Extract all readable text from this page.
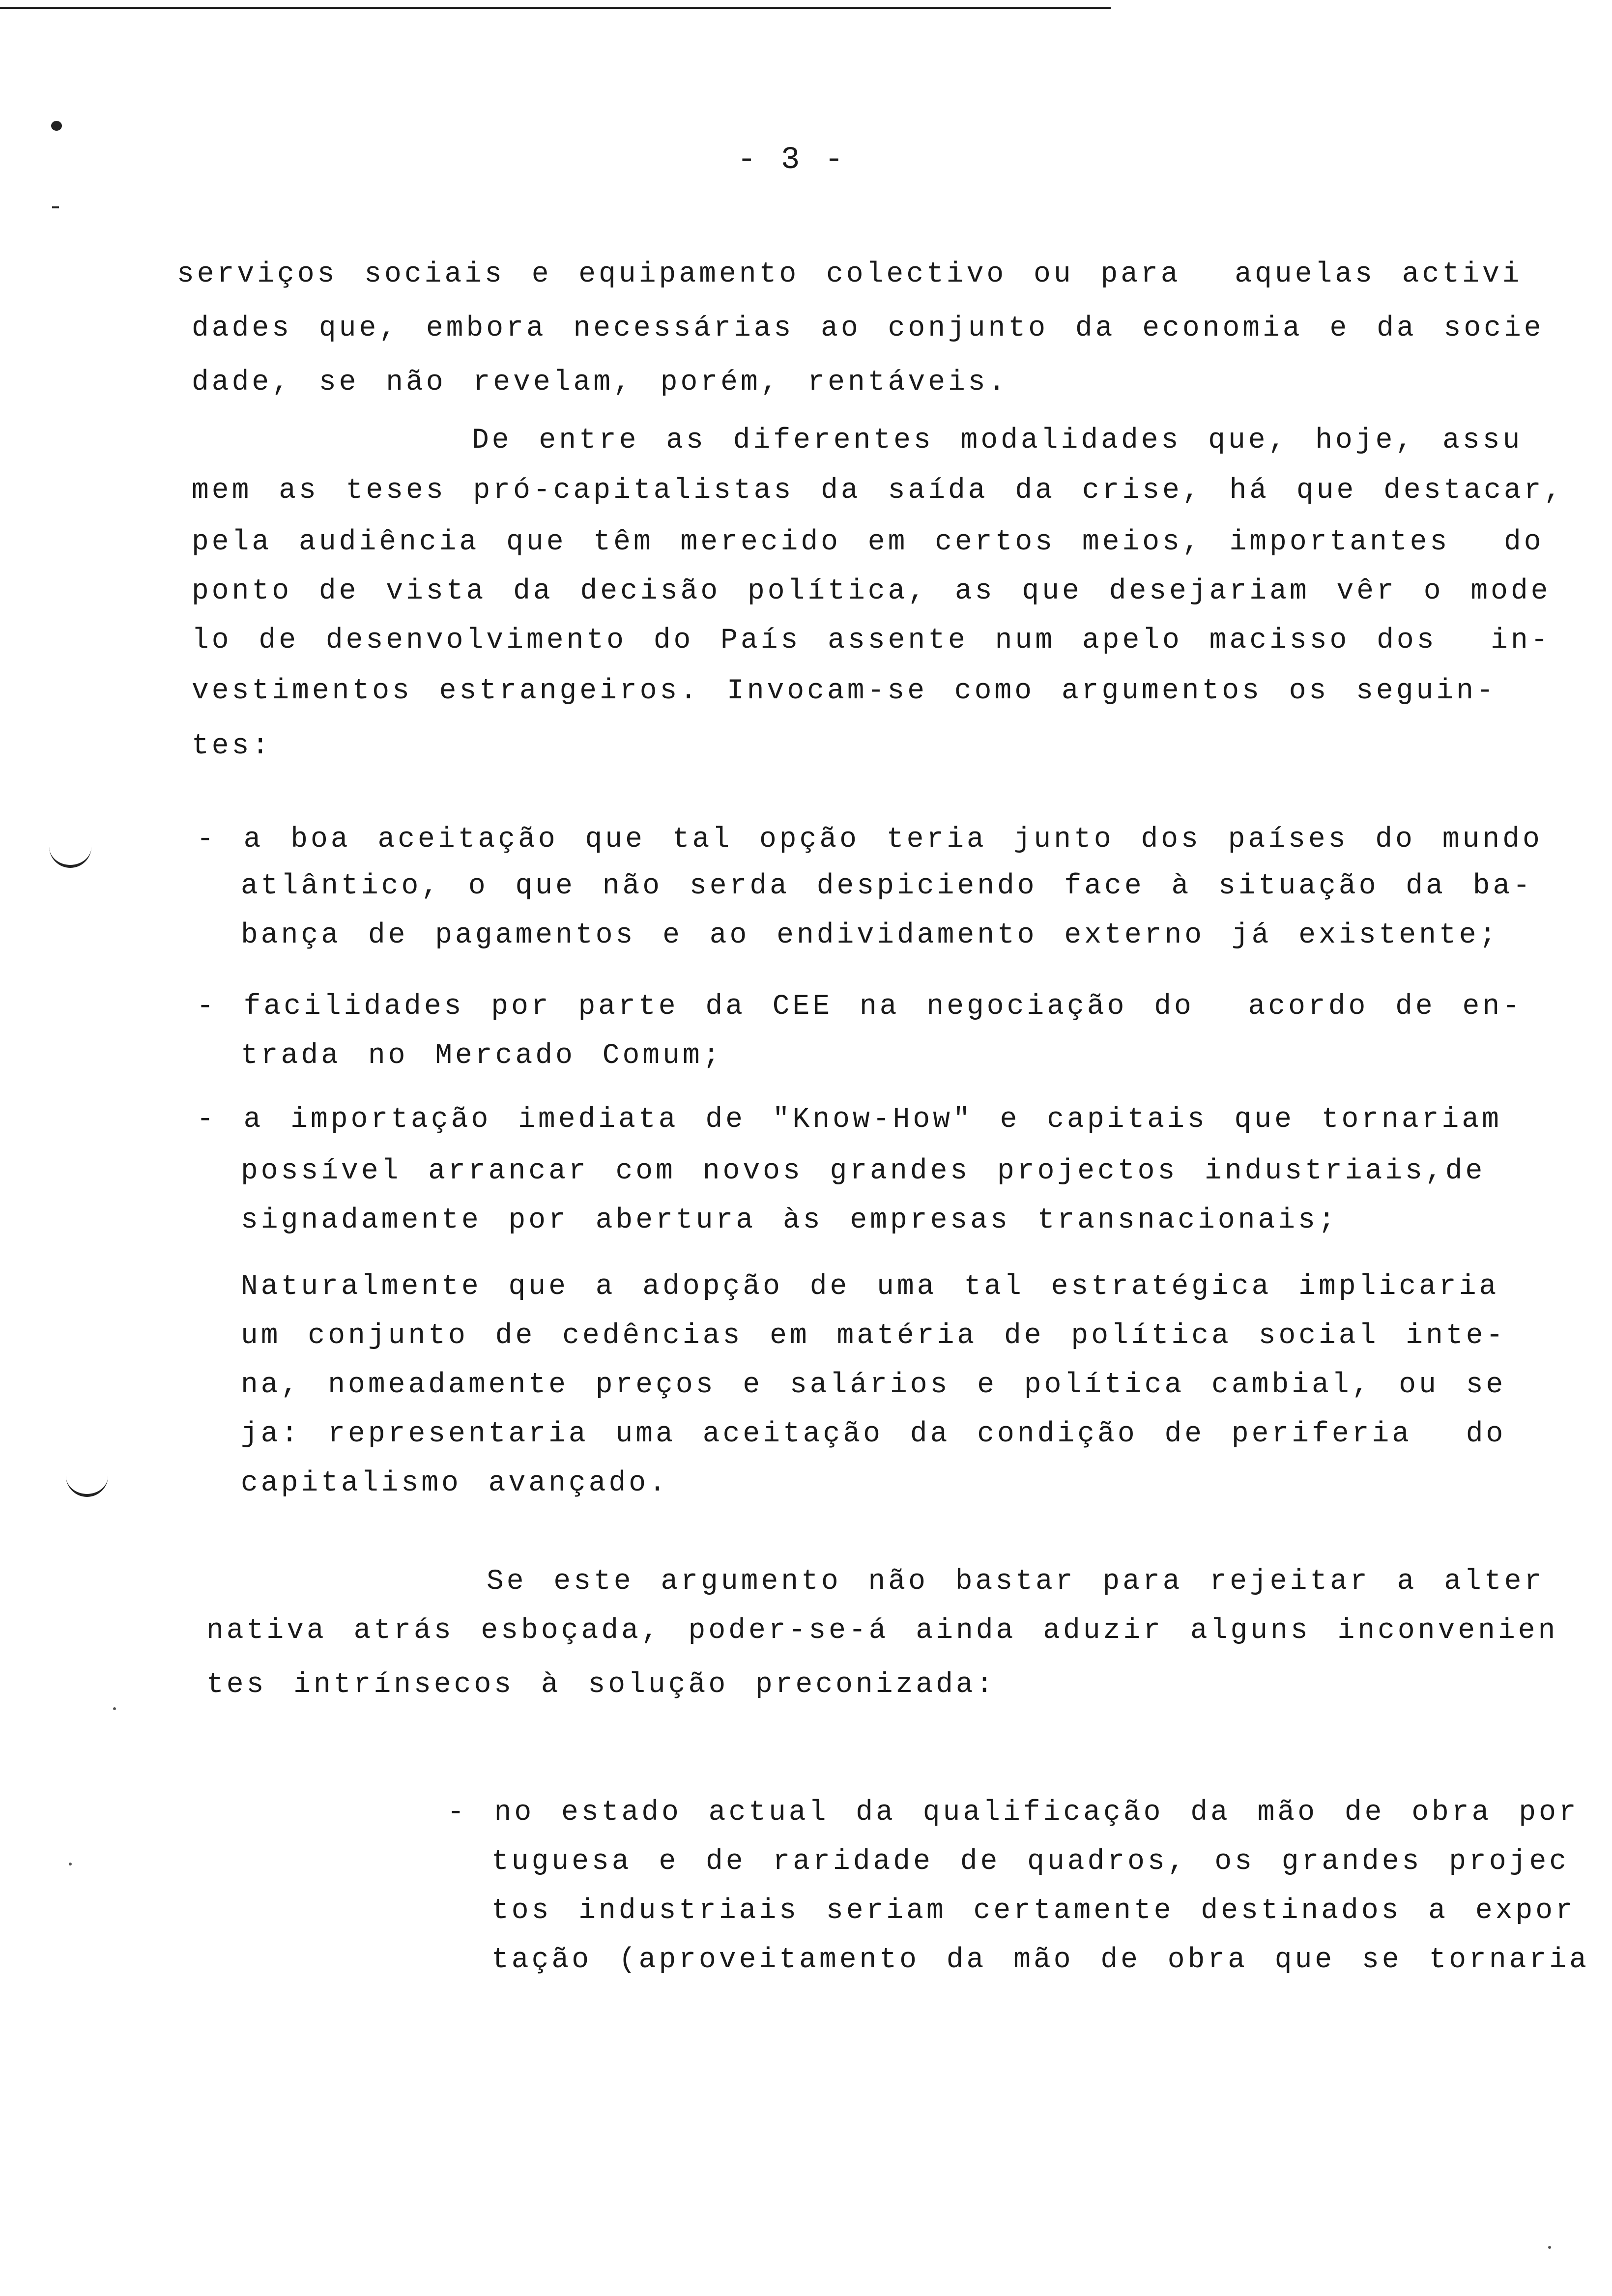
- 3 -
serviços sociais e equipamento colectivo ou para  aquelas activi
dades que, embora necessárias ao conjunto da economia e da socie
dade, se não revelam, porém, rentáveis.
De entre as diferentes modalidades que, hoje, assu
mem as teses pró-capitalistas da saída da crise, há que destacar,
pela audiência que têm merecido em certos meios, importantes  do
ponto de vista da decisão política, as que desejariam vêr o mode
lo de desenvolvimento do País assente num apelo macisso dos  in-
vestimentos estrangeiros. Invocam-se como argumentos os seguin-
tes:
- a boa aceitação que tal opção teria junto dos países do mundo
atlântico, o que não serda despiciendo face à situação da ba-
bança de pagamentos e ao endividamento externo já existente;
- facilidades por parte da CEE na negociação do  acordo de en-
trada no Mercado Comum;
- a importação imediata de "Know-How" e capitais que tornariam
possível arrancar com novos grandes projectos industriais,de
signadamente por abertura às empresas transnacionais;
Naturalmente que a adopção de uma tal estratégica implicaria
um conjunto de cedências em matéria de política social inte-
na, nomeadamente preços e salários e política cambial, ou se
ja: representaria uma aceitação da condição de periferia  do
capitalismo avançado.
Se este argumento não bastar para rejeitar a alter
nativa atrás esboçada, poder-se-á ainda aduzir alguns inconvenien
tes intrínsecos à solução preconizada:
- no estado actual da qualificação da mão de obra por
tuguesa e de raridade de quadros, os grandes projec
tos industriais seriam certamente destinados a expor
tação (aproveitamento da mão de obra que se tornaria
